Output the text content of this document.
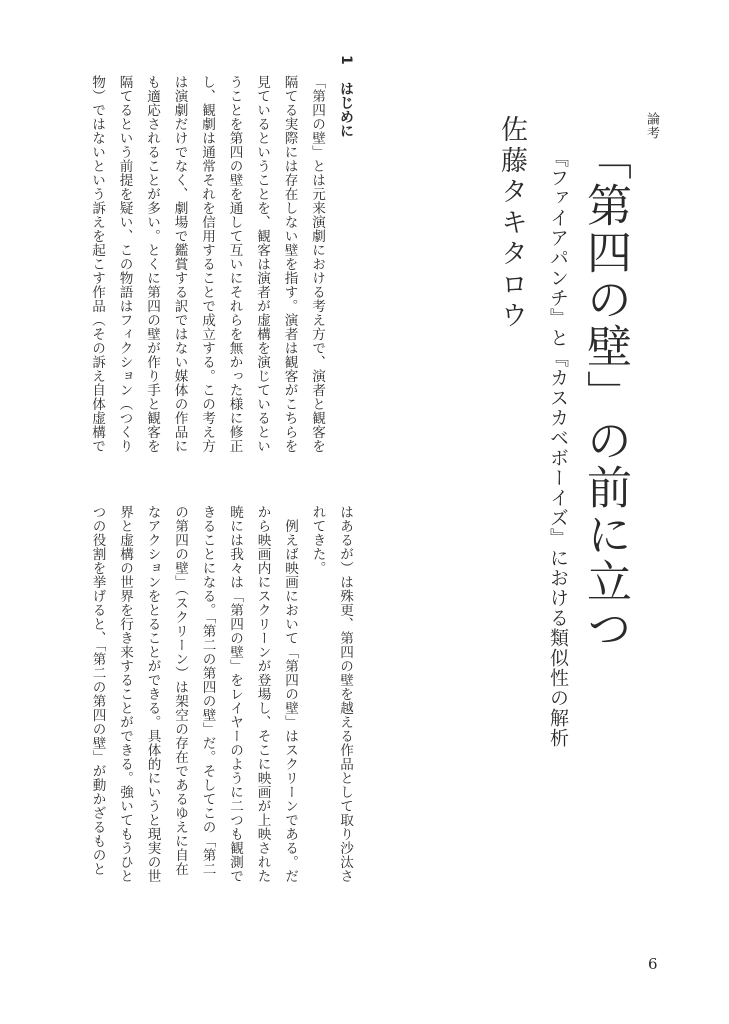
論考
「第四の壁」の前に立つ
『ファイアパンチ』と『カスカベボーイズ』における類似性の解析
佐藤タキタロウ
1 はじめに
「第四の壁」とは元来演劇における考え方で、演者と観客を
隔てる実際には存在しない壁を指す。演者は観客がこちらを
見ているということを、観客は演者が虚構を演じているとい
うことを第四の壁を通して互いにそれらを無かった様に修正
し、観劇は通常それを信用することで成立する。この考え方
は演劇だけでなく、劇場で鑑賞する訳ではない媒体の作品に
も適応されることが多い。とくに第四の壁が作り手と観客を
隔てるという前提を疑い、この物語はフィクション（つくり
物）ではないという訴えを起こす作品（その訴え自体虚構で
はあるが）は殊更、第四の壁を越える作品として取り沙汰さ
れてきた。
　例えば映画において「第四の壁」はスクリーンである。だ
から映画内にスクリーンが登場し、そこに映画が上映された
暁には我々は「第四の壁」をレイヤーのように二つも観測で
きることになる。「第二の第四の壁」だ。そしてこの「第二
の第四の壁」（スクリーン）は架空の存在であるゆえに自在
なアクションをとることができる。具体的にいうと現実の世
界と虚構の世界を行き来することができる。強いてもうひと
つの役割を挙げると、「第二の第四の壁」が動かざるものと
6
